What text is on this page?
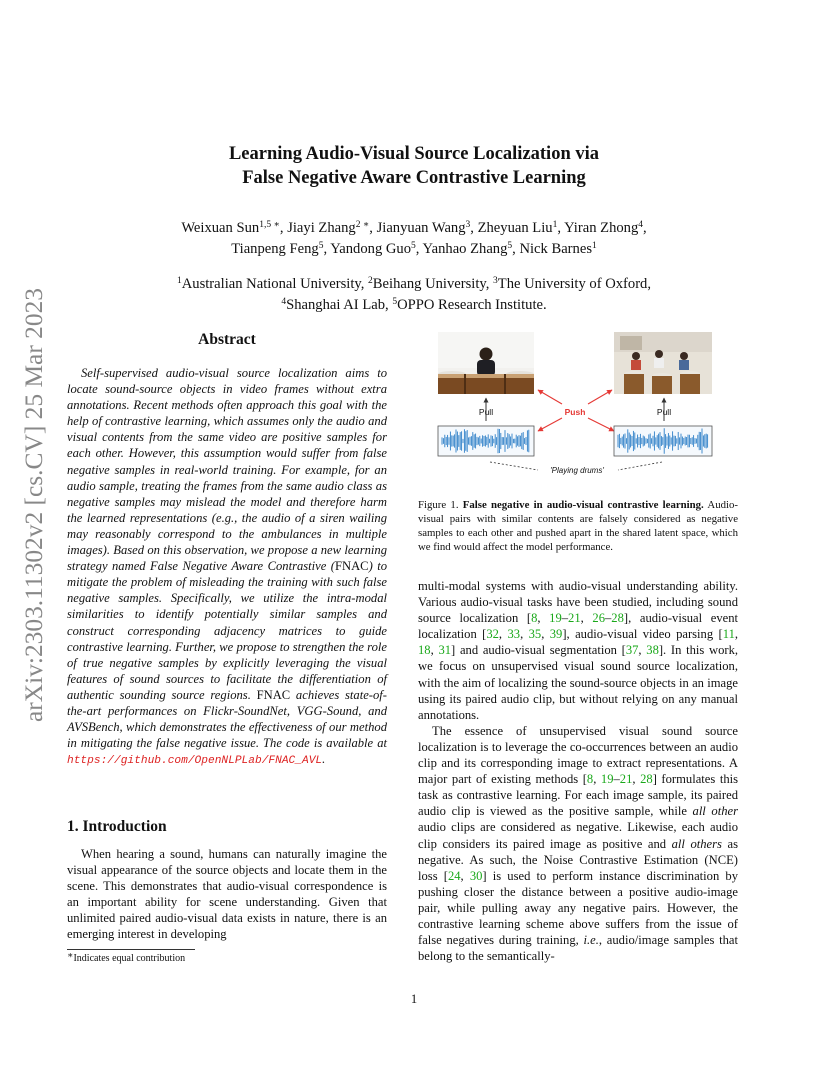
Learning Audio-Visual Source Localization via
False Negative Aware Contrastive Learning
Weixuan Sun$^{1,5 ∗}$, Jiayi Zhang$^{2 ∗}$, Jianyuan Wang$^3$, Zheyuan Liu$^1$, Yiran Zhong$^4$,
Tianpeng Feng$^5$, Yandong Guo$^5$, Yanhao Zhang$^5$, Nick Barnes$^1$
$^1$Australian National University, $^2$Beihang University, $^3$The University of Oxford,
$^4$Shanghai AI Lab, $^5$OPPO Research Institute.
arXiv:2303.11302v2 [cs.CV] 25 Mar 2023	Abstract
Self-supervised audio-visual source localization aims to locate sound-source objects in video frames without extra annotations. Recent methods often approach this goal with the help of contrastive learning, which assumes only the audio and visual contents from the same video are positive samples for each other. However, this assumption would suffer from false negative samples in real-world training. For example, for an audio sample, treating the frames from the same audio class as negative samples may mislead the model and therefore harm the learned representations (e.g., the audio of a siren wailing may reasonably correspond to the ambulances in multiple images). Based on this observation, we propose a new learning strategy named False Negative Aware Contrastive (FNAC) to mitigate the problem of misleading the training with such false negative samples. Specifically, we utilize the intra-modal similarities to identify potentially similar samples and construct corresponding adjacency matrices to guide contrastive learning. Further, we propose to strengthen the role of true negative samples by explicitly leveraging the visual features of sound sources to facilitate the differentiation of authentic sounding source regions. FNAC achieves state-of-the-art performances on Flickr-SoundNet, VGG-Sound, and AVSBench, which demonstrates the effectiveness of our method in mitigating the false negative issue. The code is available at https://github.com/OpenNLPLab/FNAC_AVL.
1. Introduction
When hearing a sound, humans can naturally imagine the visual appearance of the source objects and locate them in the scene. This demonstrates that audio-visual correspondence is an important ability for scene understanding. Given that unlimited paired audio-visual data exists in nature, there is an emerging interest in developing
∗Indicates equal contribution
1
Pull	Pull
Push
'Playing drums'
Figure 1. False negative in audio-visual contrastive learning. Audio-visual pairs with similar contents are falsely considered as negative samples to each other and pushed apart in the shared latent space, which we find would affect the model performance.

multi-modal systems with audio-visual understanding ability. Various audio-visual tasks have been studied, including sound source localization [8, 19–21, 26–28], audio-visual event localization [32, 33, 35, 39], audio-visual video parsing [11, 18, 31] and audio-visual segmentation [37, 38]. In this work, we focus on unsupervised visual sound source localization, with the aim of localizing the sound-source objects in an image using its paired audio clip, but without relying on any manual annotations.

The essence of unsupervised visual sound source localization is to leverage the co-occurrences between an audio clip and its corresponding image to extract representations. A major part of existing methods [8, 19–21, 28] formulates this task as contrastive learning. For each image sample, its paired audio clip is viewed as the positive sample, while all other audio clips are considered as negative. Likewise, each audio clip considers its paired image as positive and all others as negative. As such, the Noise Contrastive Estimation (NCE) loss [24, 30] is used to perform instance discrimination by pushing closer the distance between a positive audio-image pair, while pulling away any negative pairs. However, the contrastive learning scheme above suffers from the issue of false negatives during training, i.e., audio/image samples that belong to the semantically-
